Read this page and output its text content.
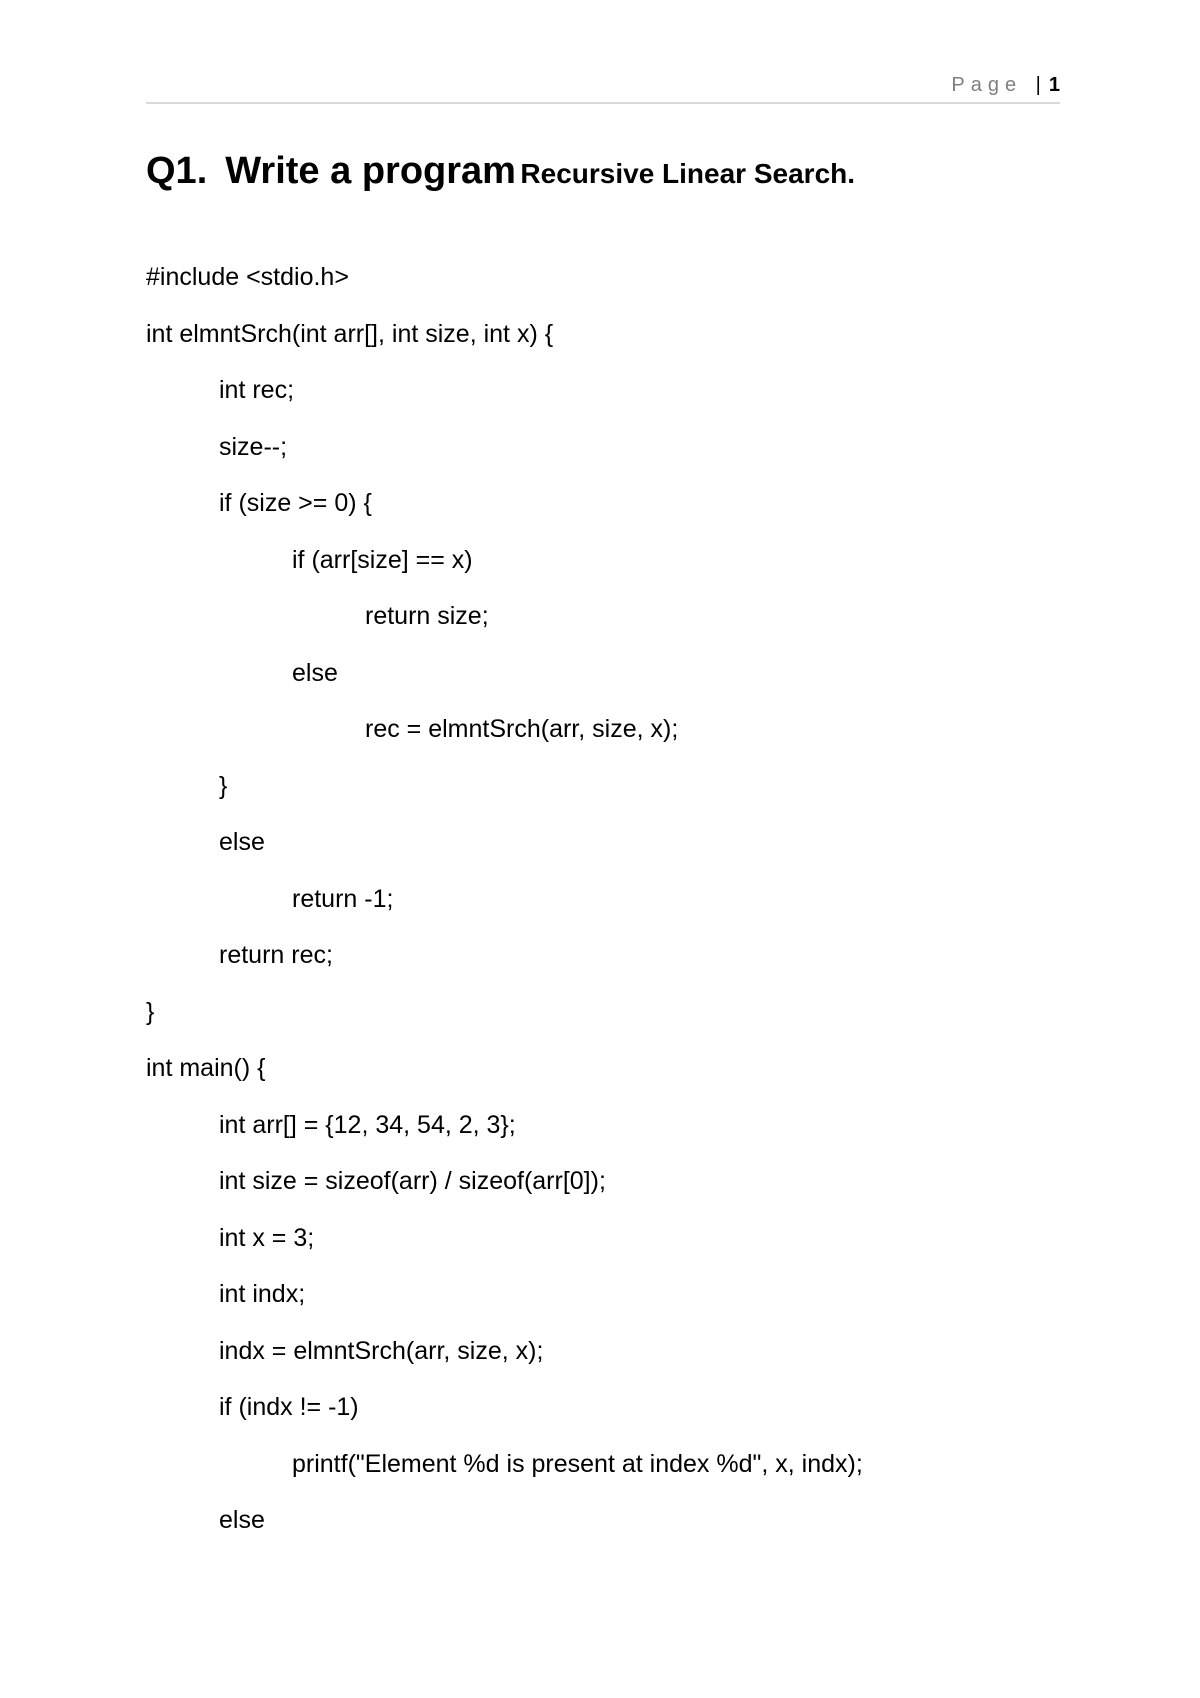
Page | 1
Q1. Write a program Recursive Linear Search.
#include <stdio.h>
int elmntSrch(int arr[], int size, int x) {
int rec;
size--;
if (size >= 0) {
if (arr[size] == x)
return size;
else
rec = elmntSrch(arr, size, x);
}
else
return -1;
return rec;
}
int main() {
int arr[] = {12, 34, 54, 2, 3};
int size = sizeof(arr) / sizeof(arr[0]);
int x = 3;
int indx;
indx = elmntSrch(arr, size, x);
if (indx != -1)
printf("Element %d is present at index %d", x, indx);
else
